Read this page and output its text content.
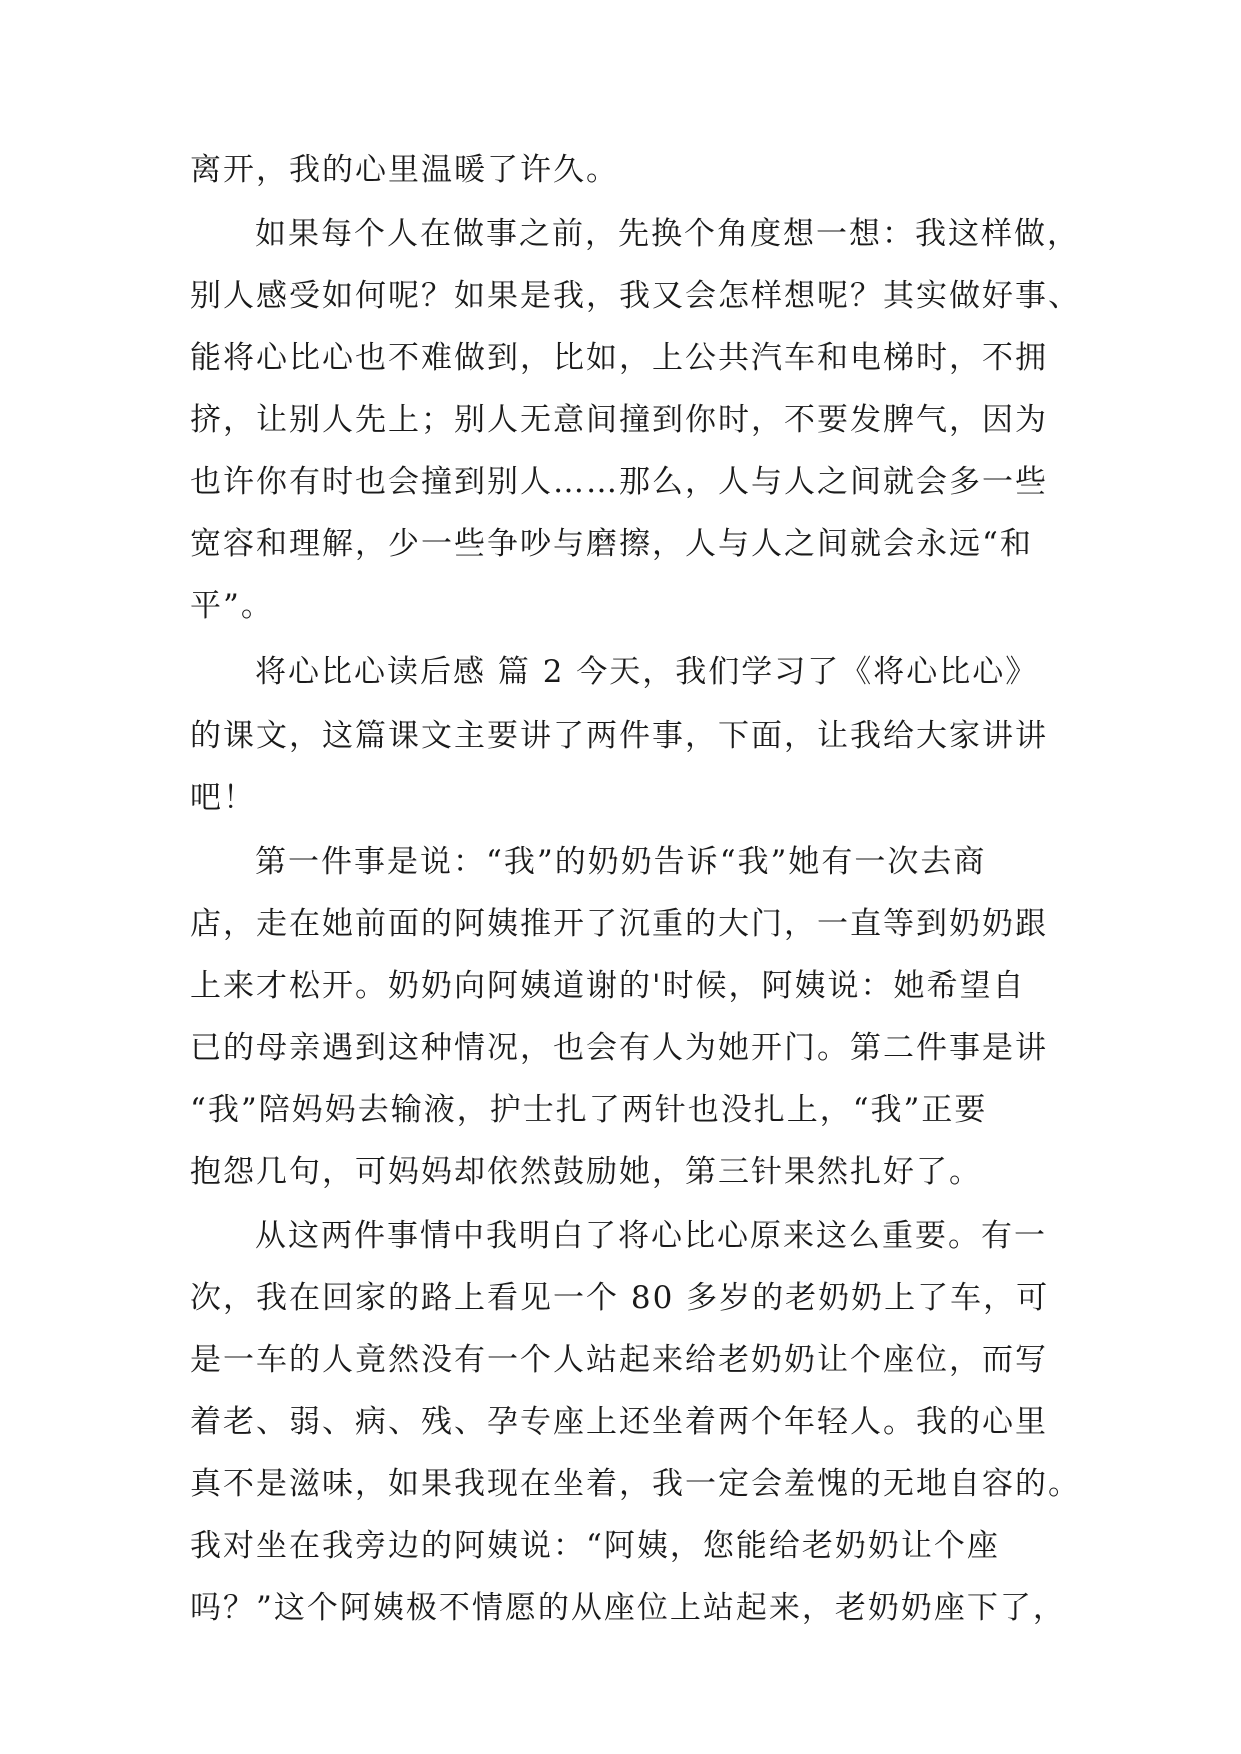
离开，我的心里温暖了许久。
如果每个人在做事之前，先换个角度想一想：我这样做，
别人感受如何呢？如果是我，我又会怎样想呢？其实做好事、
能将心比心也不难做到，比如，上公共汽车和电梯时，不拥
挤，让别人先上；别人无意间撞到你时，不要发脾气，因为
也许你有时也会撞到别人……那么，人与人之间就会多一些
宽容和理解，少一些争吵与磨擦，人与人之间就会永远“和
平”。
将心比心读后感 篇 2 今天，我们学习了《将心比心》
的课文，这篇课文主要讲了两件事，下面，让我给大家讲讲
吧！
第一件事是说：“我”的奶奶告诉“我”她有一次去商
店，走在她前面的阿姨推开了沉重的大门，一直等到奶奶跟
上来才松开。奶奶向阿姨道谢的'时候，阿姨说：她希望自
已的母亲遇到这种情况，也会有人为她开门。第二件事是讲
“我”陪妈妈去输液，护士扎了两针也没扎上，“我”正要
抱怨几句，可妈妈却依然鼓励她，第三针果然扎好了。
从这两件事情中我明白了将心比心原来这么重要。有一
次，我在回家的路上看见一个 80 多岁的老奶奶上了车，可
是一车的人竟然没有一个人站起来给老奶奶让个座位，而写
着老、弱、病、残、孕专座上还坐着两个年轻人。我的心里
真不是滋味，如果我现在坐着，我一定会羞愧的无地自容的。
我对坐在我旁边的阿姨说：“阿姨，您能给老奶奶让个座
吗？”这个阿姨极不情愿的从座位上站起来，老奶奶座下了，
